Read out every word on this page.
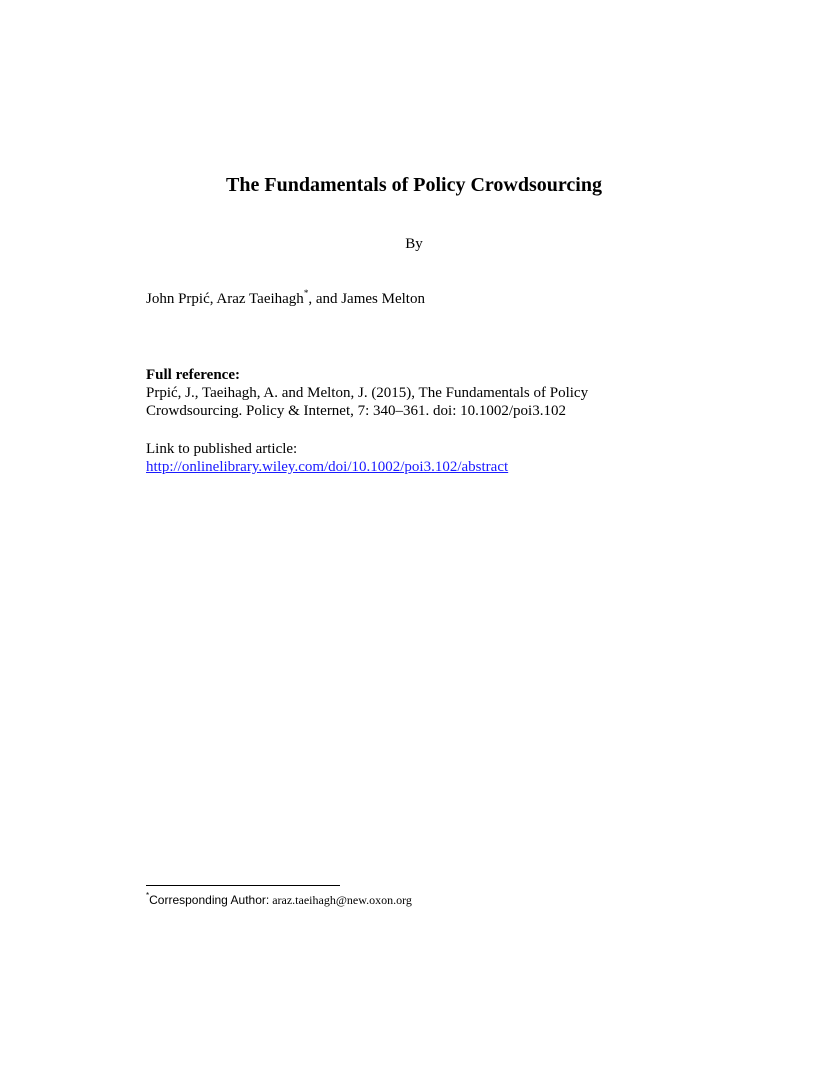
The Fundamentals of Policy Crowdsourcing
By
John Prpić, Araz Taeihagh*, and James Melton
Full reference:
Prpić, J., Taeihagh, A. and Melton, J. (2015), The Fundamentals of Policy
Crowdsourcing. Policy & Internet, 7: 340–361. doi: 10.1002/poi3.102
Link to published article:
http://onlinelibrary.wiley.com/doi/10.1002/poi3.102/abstract
*Corresponding Author: araz.taeihagh@new.oxon.org
